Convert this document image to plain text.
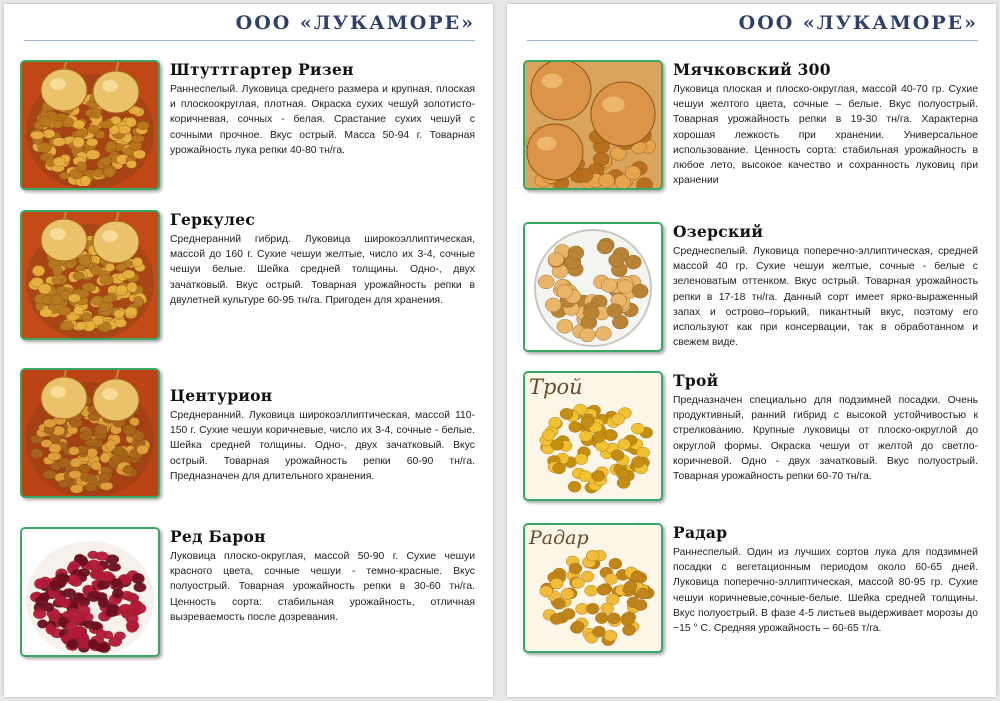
ООО «ЛУКАМОРЕ»

Штуттгартер Ризен

Раннеспелый. Луковица среднего размера и крупная, плоская и плоскоокруглая, плотная. Окраска сухих чешуй золотисто-коричневая, сочных - белая. Срастание сухих чешуй с сочными прочное. Вкус острый. Масса 50-94 г. Товарная урожайность лука репки 40-80 тн/га.

Геркулес

Среднеранний гибрид. Луковица широкоэллиптическая, массой до 160 г. Сухие чешуи желтые, число их 3-4, сочные чешуи белые. Шейка средней толщины. Одно-, двух зачатковый. Вкус острый. Товарная урожайность репки в двулетней культуре 60-95 тн/га. Пригоден для хранения.

Центурион

Среднеранний. Луковица широкоэллиптическая, массой 110-150 г. Сухие чешуи коричневые, число их 3-4, сочные - белые. Шейка средней толщины. Одно-, двух зачатковый. Вкус острый. Товарная урожайность репки 60-90 тн/га. Предназначен для длительного хранения.

Ред Барон

Луковица плоско-округлая, массой 50-90 г. Сухие чешуи красного цвета, сочные чешуи - темно-красные. Вкус полуострый. Товарная урожайность репки в 30-60 тн/га. Ценность сорта: стабильная урожайность, отличная вызреваемость после дозревания.

ООО «ЛУКАМОРЕ»

Мячковский 300

Луковица плоская и плоско-округлая, массой 40-70 гр. Сухие чешуи желтого цвета, сочные – белые. Вкус полуострый. Товарная урожайность репки в 19-30 тн/га. Характерна хорошая лежкость при хранении. Универсальное использование. Ценность сорта: стабильная урожайность в любое лето, высокое качество и сохранность луковиц при хранении

Озерский

Среднеспелый. Луковица поперечно-эллиптическая, средней массой 40 гр. Сухие чешуи желтые, сочные - белые с зеленоватым оттенком. Вкус острый. Товарная урожайность репки в 17-18 тн/га. Данный сорт имеет ярко-выраженный запах и острово–горький, пикантный вкус, поэтому его используют как при консервации, так в обработанном и свежем виде.

Трой	Трой

Предназначен специально для подзимней посадки. Очень продуктивный, ранний гибрид с высокой устойчивостью к стрелкованию. Крупные луковицы от плоско-округлой до округлой формы. Окраска чешуи от желтой до светло-коричневой. Одно - двух зачатковый. Вкус полуострый. Товарная урожайность репки 60-70 тн/га.

Радар	Радар

Раннеспелый. Один из лучших сортов лука для подзимней посадки с вегетационным периодом около 60-65 дней. Луковица поперечно-эллиптическая, массой 80-95 гр. Сухие чешуи коричневые,сочные-белые. Шейка средней толщины. Вкус полуострый. В фазе 4-5 листьев выдерживает морозы до −15 ° С. Средняя урожайность – 60-65 т/га.
